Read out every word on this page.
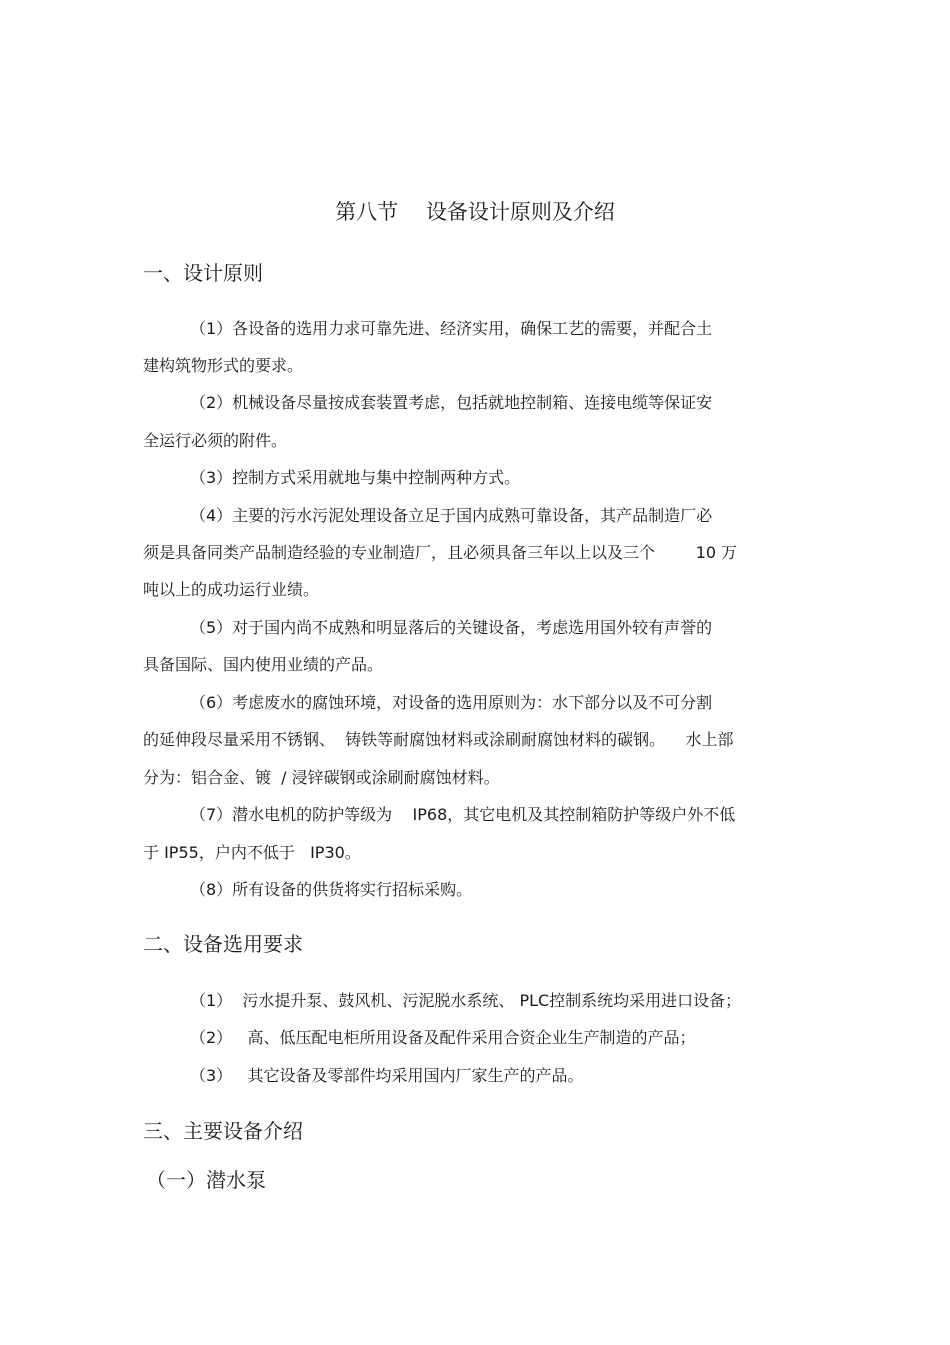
第八节　 设备设计原则及介绍
一、设计原则
（1）各设备的选用力求可靠先进、经济实用，确保工艺的需要，并配合土
建构筑物形式的要求。
（2）机械设备尽量按成套装置考虑，包括就地控制箱、连接电缆等保证安
全运行必须的附件。
（3）控制方式采用就地与集中控制两种方式。
（4）主要的污水污泥处理设备立足于国内成熟可靠设备，其产品制造厂必
须是具备同类产品制造经验的专业制造厂，且必须具备三年以上以及三个        10 万
吨以上的成功运行业绩。
（5）对于国内尚不成熟和明显落后的关键设备，考虑选用国外较有声誉的
具备国际、国内使用业绩的产品。
（6）考虑废水的腐蚀环境，对设备的选用原则为：水下部分以及不可分割
的延伸段尽量采用不锈钢、  铸铁等耐腐蚀材料或涂刷耐腐蚀材料的碳钢。    水上部
分为：铝合金、镀  / 浸锌碳钢或涂刷耐腐蚀材料。
（7）潜水电机的防护等级为    IP68，其它电机及其控制箱防护等级户外不低
于 IP55，户内不低于   IP30。
（8）所有设备的供货将实行招标采购。
二、设备选用要求
（1）  污水提升泵、鼓风机、污泥脱水系统、 PLC控制系统均采用进口设备；
（2）   高、低压配电柜所用设备及配件采用合资企业生产制造的产品；
（3）   其它设备及零部件均采用国内厂家生产的产品。
三、主要设备介绍
（一）潜水泵
